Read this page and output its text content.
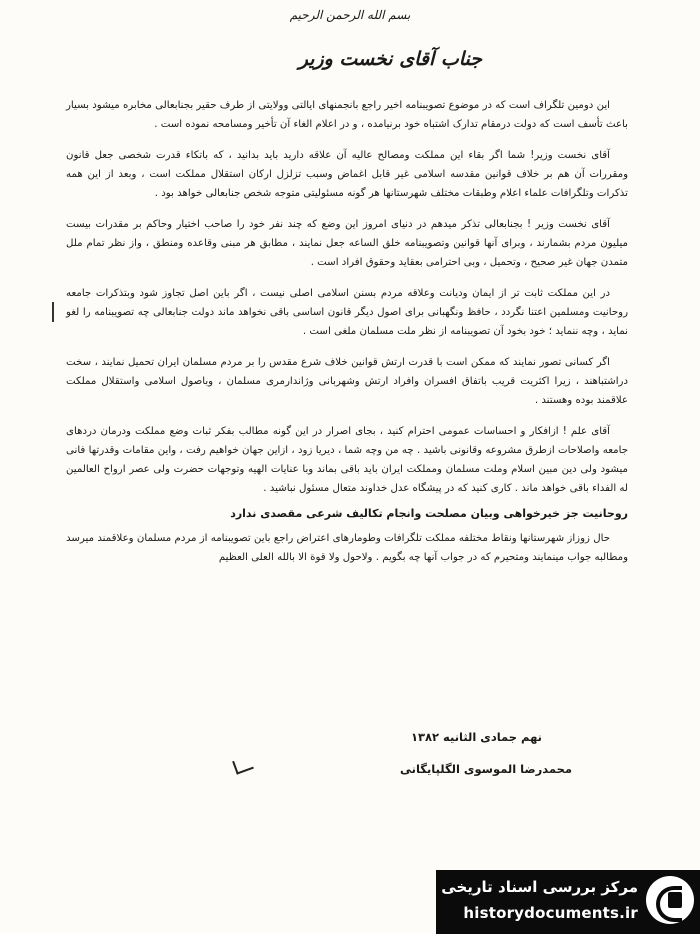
بسم الله الرحمن الرحیم
جناب آقای نخست وزیر

این دومین تلگراف است که در موضوع تصویبنامه اخیر راجع بانجمنهای ایالتی وولایتی از طرف حقیر بجنابعالی مخابره میشود بسیار باعث تأسف است که دولت درمقام تدارک اشتباه خود برنیامده ، و در اعلام الغاء آن تأخیر ومسامحه نموده است .

آقای نخست وزیر! شما اگر بقاء این مملکت ومصالح عالیه آن علاقه دارید باید بدانید ، که باتکاء قدرت شخصی جعل قانون ومقررات آن هم بر خلاف قوانین مقدسه اسلامی غیر قابل اغماض وسبب تزلزل ارکان استقلال مملکت است ، وبعد از این همه تذکرات وتلگرافات علماء اعلام وطبقات مختلف شهرستانها هر گونه مسئولیتی متوجه شخص جنابعالی خواهد بود .

آقای نخست وزیر ! بجنابعالی تذکر میدهم در دنیای امروز این وضع که چند نفر خود را صاحب اختیار وحاکم بر مقدرات بیست میلیون مردم بشمارند ، وبرای آنها قوانین وتصویبنامه خلق الساعه جعل نمایند ، مطابق هر مبنی وقاعده ومنطق ، واز نظر تمام ملل متمدن جهان غیر صحیح ، وتحمیل ، وبی احترامی بعقاید وحقوق افراد است .

در این مملکت ثابت تر از ایمان ودیانت وعلاقه مردم بسنن اسلامی اصلی نیست ، اگر باین اصل تجاوز شود وبتذکرات جامعه روحانیت ومسلمین اعتنا نگردد ، حافظ ونگهبانی برای اصول دیگر قانون اساسی باقی نخواهد ماند دولت جنابعالی چه تصویبنامه را لغو نماید ، وچه ننماید ؛ خود بخود آن تصویبنامه از نظر ملت مسلمان ملغی است .

اگر کسانی تصور نمایند که ممکن است با قدرت ارتش قوانین خلاف شرع مقدس را بر مردم مسلمان ایران تحمیل نمایند ، سخت دراشتباهند ، زیرا اکثریت قریب باتفاق افسران وافراد ارتش وشهربانی وژاندارمری مسلمان ، وباصول اسلامی واستقلال مملکت علاقمند بوده وهستند .

آقای علم ! ازافکار و احساسات عمومی احترام کنید ، بجای اصرار در این گونه مطالب بفکر ثبات وضع مملکت ودرمان دردهای جامعه واصلاحات ازطرق مشروعه وقانونی باشید . چه من وچه شما ، دیریا زود ، ازاین جهان خواهیم رفت ، واین مقامات وقدرتها فانی میشود ولی دین مبین اسلام وملت مسلمان ومملکت ایران باید باقی بماند وبا عنایات الهیه وتوجهات حضرت ولی عصر ارواح العالمین له الفداء باقی خواهد ماند . کاری کنید که در پیشگاه عدل خداوند متعال مسئول نباشید .

روحانیت جز خیرخواهی وبیان مصلحت وانجام تکالیف شرعی مقصدی ندارد

حال زوزاز شهرستانها ونقاط مختلفه مملکت تلگرافات وطومارهای اعتراض راجع باین تصویبنامه از مردم مسلمان وعلاقمند میرسد ومطالبه جواب مینمایند ومتحیرم که در جواب آنها چه بگویم . ولاحول ولا قوة الا بالله العلی العظیم

نهم جمادی الثانیه ۱۳۸۲
محمدرضا الموسوی الگلپایگانی
مرکز بررسی اسناد تاریخی
historydocuments.ir
